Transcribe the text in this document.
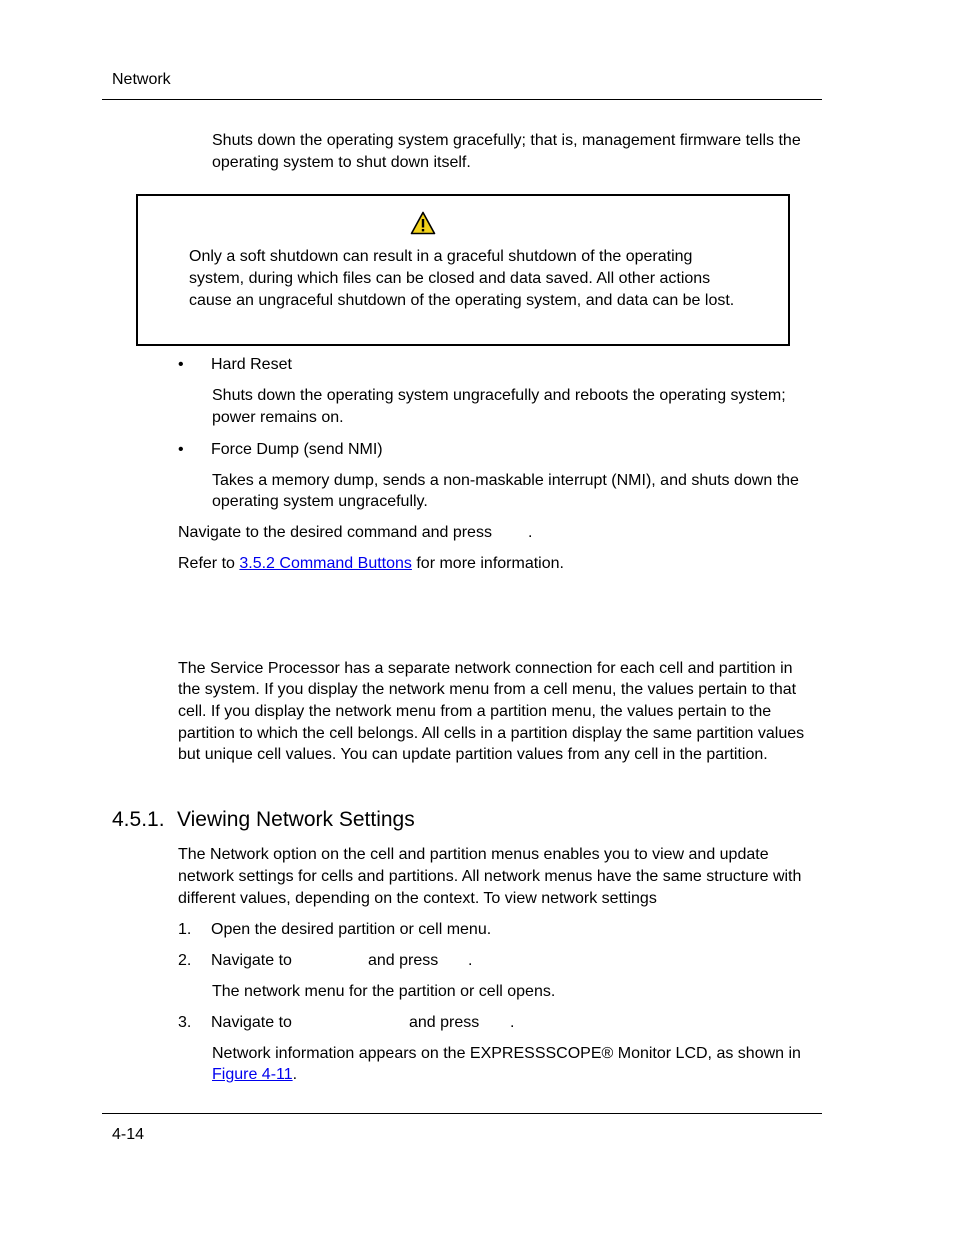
Network
Shuts down the operating system gracefully; that is, management firmware tells the
operating system to shut down itself.
Only a soft shutdown can result in a graceful shutdown of the operating
system, during which files can be closed and data saved. All other actions
cause an ungraceful shutdown of the operating system, and data can be lost.
• Hard Reset
Shuts down the operating system ungracefully and reboots the operating system;
power remains on.
• Force Dump (send NMI)
Takes a memory dump, sends a non-maskable interrupt (NMI), and shuts down the
operating system ungracefully.
Navigate to the desired command and press .
Refer to 3.5.2 Command Buttons for more information.
The Service Processor has a separate network connection for each cell and partition in
the system. If you display the network menu from a cell menu, the values pertain to that
cell. If you display the network menu from a partition menu, the values pertain to the
partition to which the cell belongs. All cells in a partition display the same partition values
but unique cell values. You can update partition values from any cell in the partition.
4.5.1. Viewing Network Settings
The Network option on the cell and partition menus enables you to view and update
network settings for cells and partitions. All network menus have the same structure with
different values, depending on the context. To view network settings
1. Open the desired partition or cell menu.
2. Navigate to	and press .
The network menu for the partition or cell opens.
3. Navigate to	and press .
Network information appears on the EXPRESSSCOPE® Monitor LCD, as shown in
Figure 4-11.
4-14
